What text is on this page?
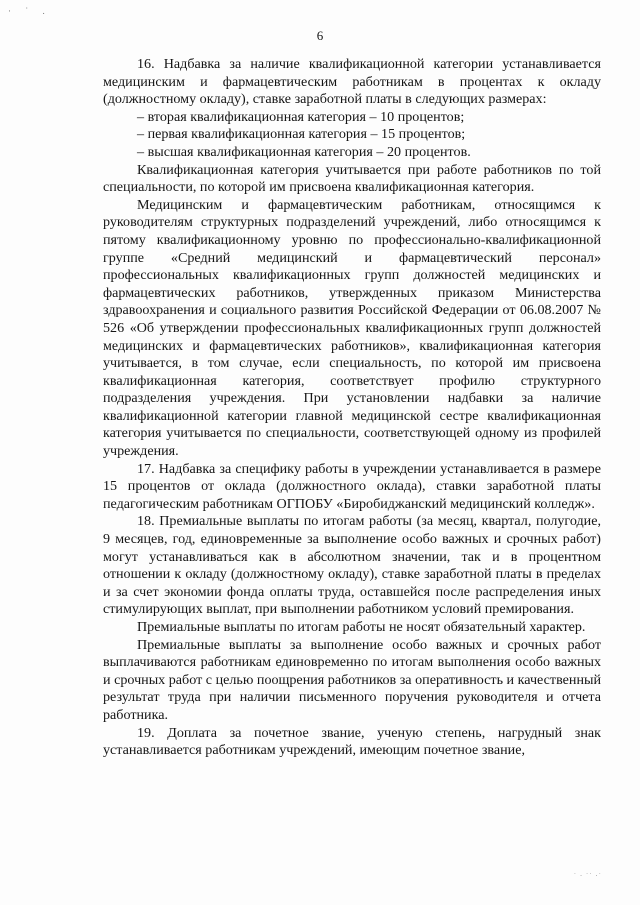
· ˙ .
6

16. Надбавка за наличие квалификационной категории устанавливается медицинским и фармацевтическим работникам в процентах к окладу (должностному окладу), ставке заработной платы в следующих размерах:

– вторая квалификационная категория – 10 процентов;

– первая квалификационная категория – 15 процентов;

– высшая квалификационная категория – 20 процентов.

Квалификационная категория учитывается при работе работников по той специальности, по которой им присвоена квалификационная категория.

Медицинским и фармацевтическим работникам, относящимся к руководителям структурных подразделений учреждений, либо относящимся к пятому квалификационному уровню по профессионально-квалификационной группе «Средний медицинский и фармацевтический персонал» профессиональных квалификационных групп должностей медицинских и фармацевтических работников, утвержденных приказом Министерства здравоохранения и социального развития Российской Федерации от 06.08.2007 № 526 «Об утверждении профессиональных квалификационных групп должностей медицинских и фармацевтических работников», квалификационная категория учитывается, в том случае, если специальность, по которой им присвоена квалификационная категория, соответствует профилю структурного подразделения учреждения. При установлении надбавки за наличие квалификационной категории главной медицинской сестре квалификационная категория учитывается по специальности, соответствующей одному из профилей учреждения.

17. Надбавка за специфику работы в учреждении устанавливается в размере 15 процентов от оклада (должностного оклада), ставки заработной платы педагогическим работникам ОГПОБУ «Биробиджанский медицинский колледж».

18. Премиальные выплаты по итогам работы (за месяц, квартал, полугодие, 9 месяцев, год, единовременные за выполнение особо важных и срочных работ) могут устанавливаться как в абсолютном значении, так и в процентном отношении к окладу (должностному окладу), ставке заработной платы в пределах и за счет экономии фонда оплаты труда, оставшейся после распределения иных стимулирующих выплат, при выполнении работником условий премирования.

Премиальные выплаты по итогам работы не носят обязательный характер.

Премиальные выплаты за выполнение особо важных и срочных работ выплачиваются работникам единовременно по итогам выполнения особо важных и срочных работ с целью поощрения работников за оперативность и качественный результат труда при наличии письменного поручения руководителя и отчета работника.

19. Доплата за почетное звание, ученую степень, нагрудный знак устанавливается работникам учреждений, имеющим почетное звание,

˙ · ˙˙ ·˙
